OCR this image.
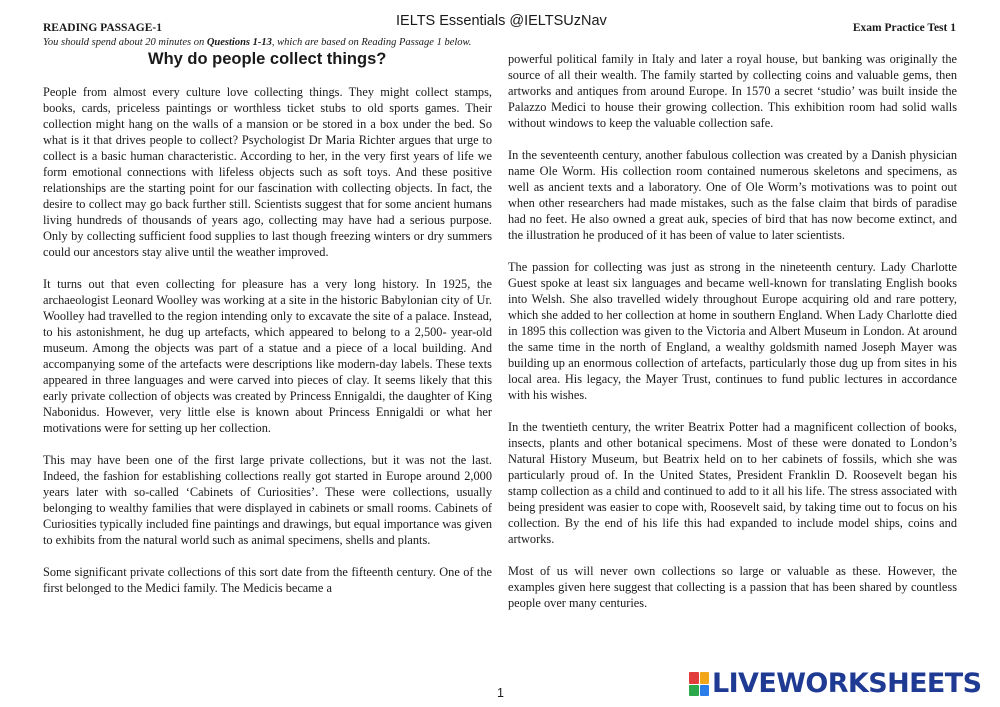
READING PASSAGE-1	IELTS Essentials @IELTSUzNav	Exam Practice Test 1
You should spend about 20 minutes on Questions 1-13, which are based on Reading Passage 1 below.
Why do people collect things?

People from almost every culture love collecting things. They might collect stamps, books, cards, priceless paintings or worthless ticket stubs to old sports games. Their collection might hang on the walls of a mansion or be stored in a box under the bed. So what is it that drives people to collect? Psychologist Dr Maria Richter argues that urge to collect is a basic human characteristic. According to her, in the very first years of life we form emotional connections with lifeless objects such as soft toys. And these positive relationships are the starting point for our fascination with collecting objects. In fact, the desire to collect may go back further still. Scientists suggest that for some ancient humans living hundreds of thousands of years ago, collecting may have had a serious purpose. Only by collecting sufficient food supplies to last though freezing winters or dry summers could our ancestors stay alive until the weather improved.

It turns out that even collecting for pleasure has a very long history. In 1925, the archaeologist Leonard Woolley was working at a site in the historic Babylonian city of Ur. Woolley had travelled to the region intending only to excavate the site of a palace. Instead, to his astonishment, he dug up artefacts, which appeared to belong to a 2,500- year-old museum. Among the objects was part of a statue and a piece of a local building. And accompanying some of the artefacts were descriptions like modern-day labels. These texts appeared in three languages and were carved into pieces of clay. It seems likely that this early private collection of objects was created by Princess Ennigaldi, the daughter of King Nabonidus. However, very little else is known about Princess Ennigaldi or what her motivations were for setting up her collection.

This may have been one of the first large private collections, but it was not the last. Indeed, the fashion for establishing collections really got started in Europe around 2,000 years later with so-called ‘Cabinets of Curiosities’. These were collections, usually belonging to wealthy families that were displayed in cabinets or small rooms. Cabinets of Curiosities typically included fine paintings and drawings, but equal importance was given to exhibits from the natural world such as animal specimens, shells and plants.

Some significant private collections of this sort date from the fifteenth century. One of the first belonged to the Medici family. The Medicis became a

powerful political family in Italy and later a royal house, but banking was originally the source of all their wealth. The family started by collecting coins and valuable gems, then artworks and antiques from around Europe. In 1570 a secret ‘studio’ was built inside the Palazzo Medici to house their growing collection. This exhibition room had solid walls without windows to keep the valuable collection safe.

In the seventeenth century, another fabulous collection was created by a Danish physician name Ole Worm. His collection room contained numerous skeletons and specimens, as well as ancient texts and a laboratory. One of Ole Worm’s motivations was to point out when other researchers had made mistakes, such as the false claim that birds of paradise had no feet. He also owned a great auk, species of bird that has now become extinct, and the illustration he produced of it has been of value to later scientists.

The passion for collecting was just as strong in the nineteenth century. Lady Charlotte Guest spoke at least six languages and became well-known for translating English books into Welsh. She also travelled widely throughout Europe acquiring old and rare pottery, which she added to her collection at home in southern England. When Lady Charlotte died in 1895 this collection was given to the Victoria and Albert Museum in London. At around the same time in the north of England, a wealthy goldsmith named Joseph Mayer was building up an enormous collection of artefacts, particularly those dug up from sites in his local area. His legacy, the Mayer Trust, continues to fund public lectures in accordance with his wishes.

In the twentieth century, the writer Beatrix Potter had a magnificent collection of books, insects, plants and other botanical specimens. Most of these were donated to London’s Natural History Museum, but Beatrix held on to her cabinets of fossils, which she was particularly proud of. In the United States, President Franklin D. Roosevelt began his stamp collection as a child and continued to add to it all his life. The stress associated with being president was easier to cope with, Roosevelt said, by taking time out to focus on his collection. By the end of his life this had expanded to include model ships, coins and artworks.

Most of us will never own collections so large or valuable as these. However, the examples given here suggest that collecting is a passion that has been shared by countless people over many centuries.

1	LIVEWORKSHEETS
